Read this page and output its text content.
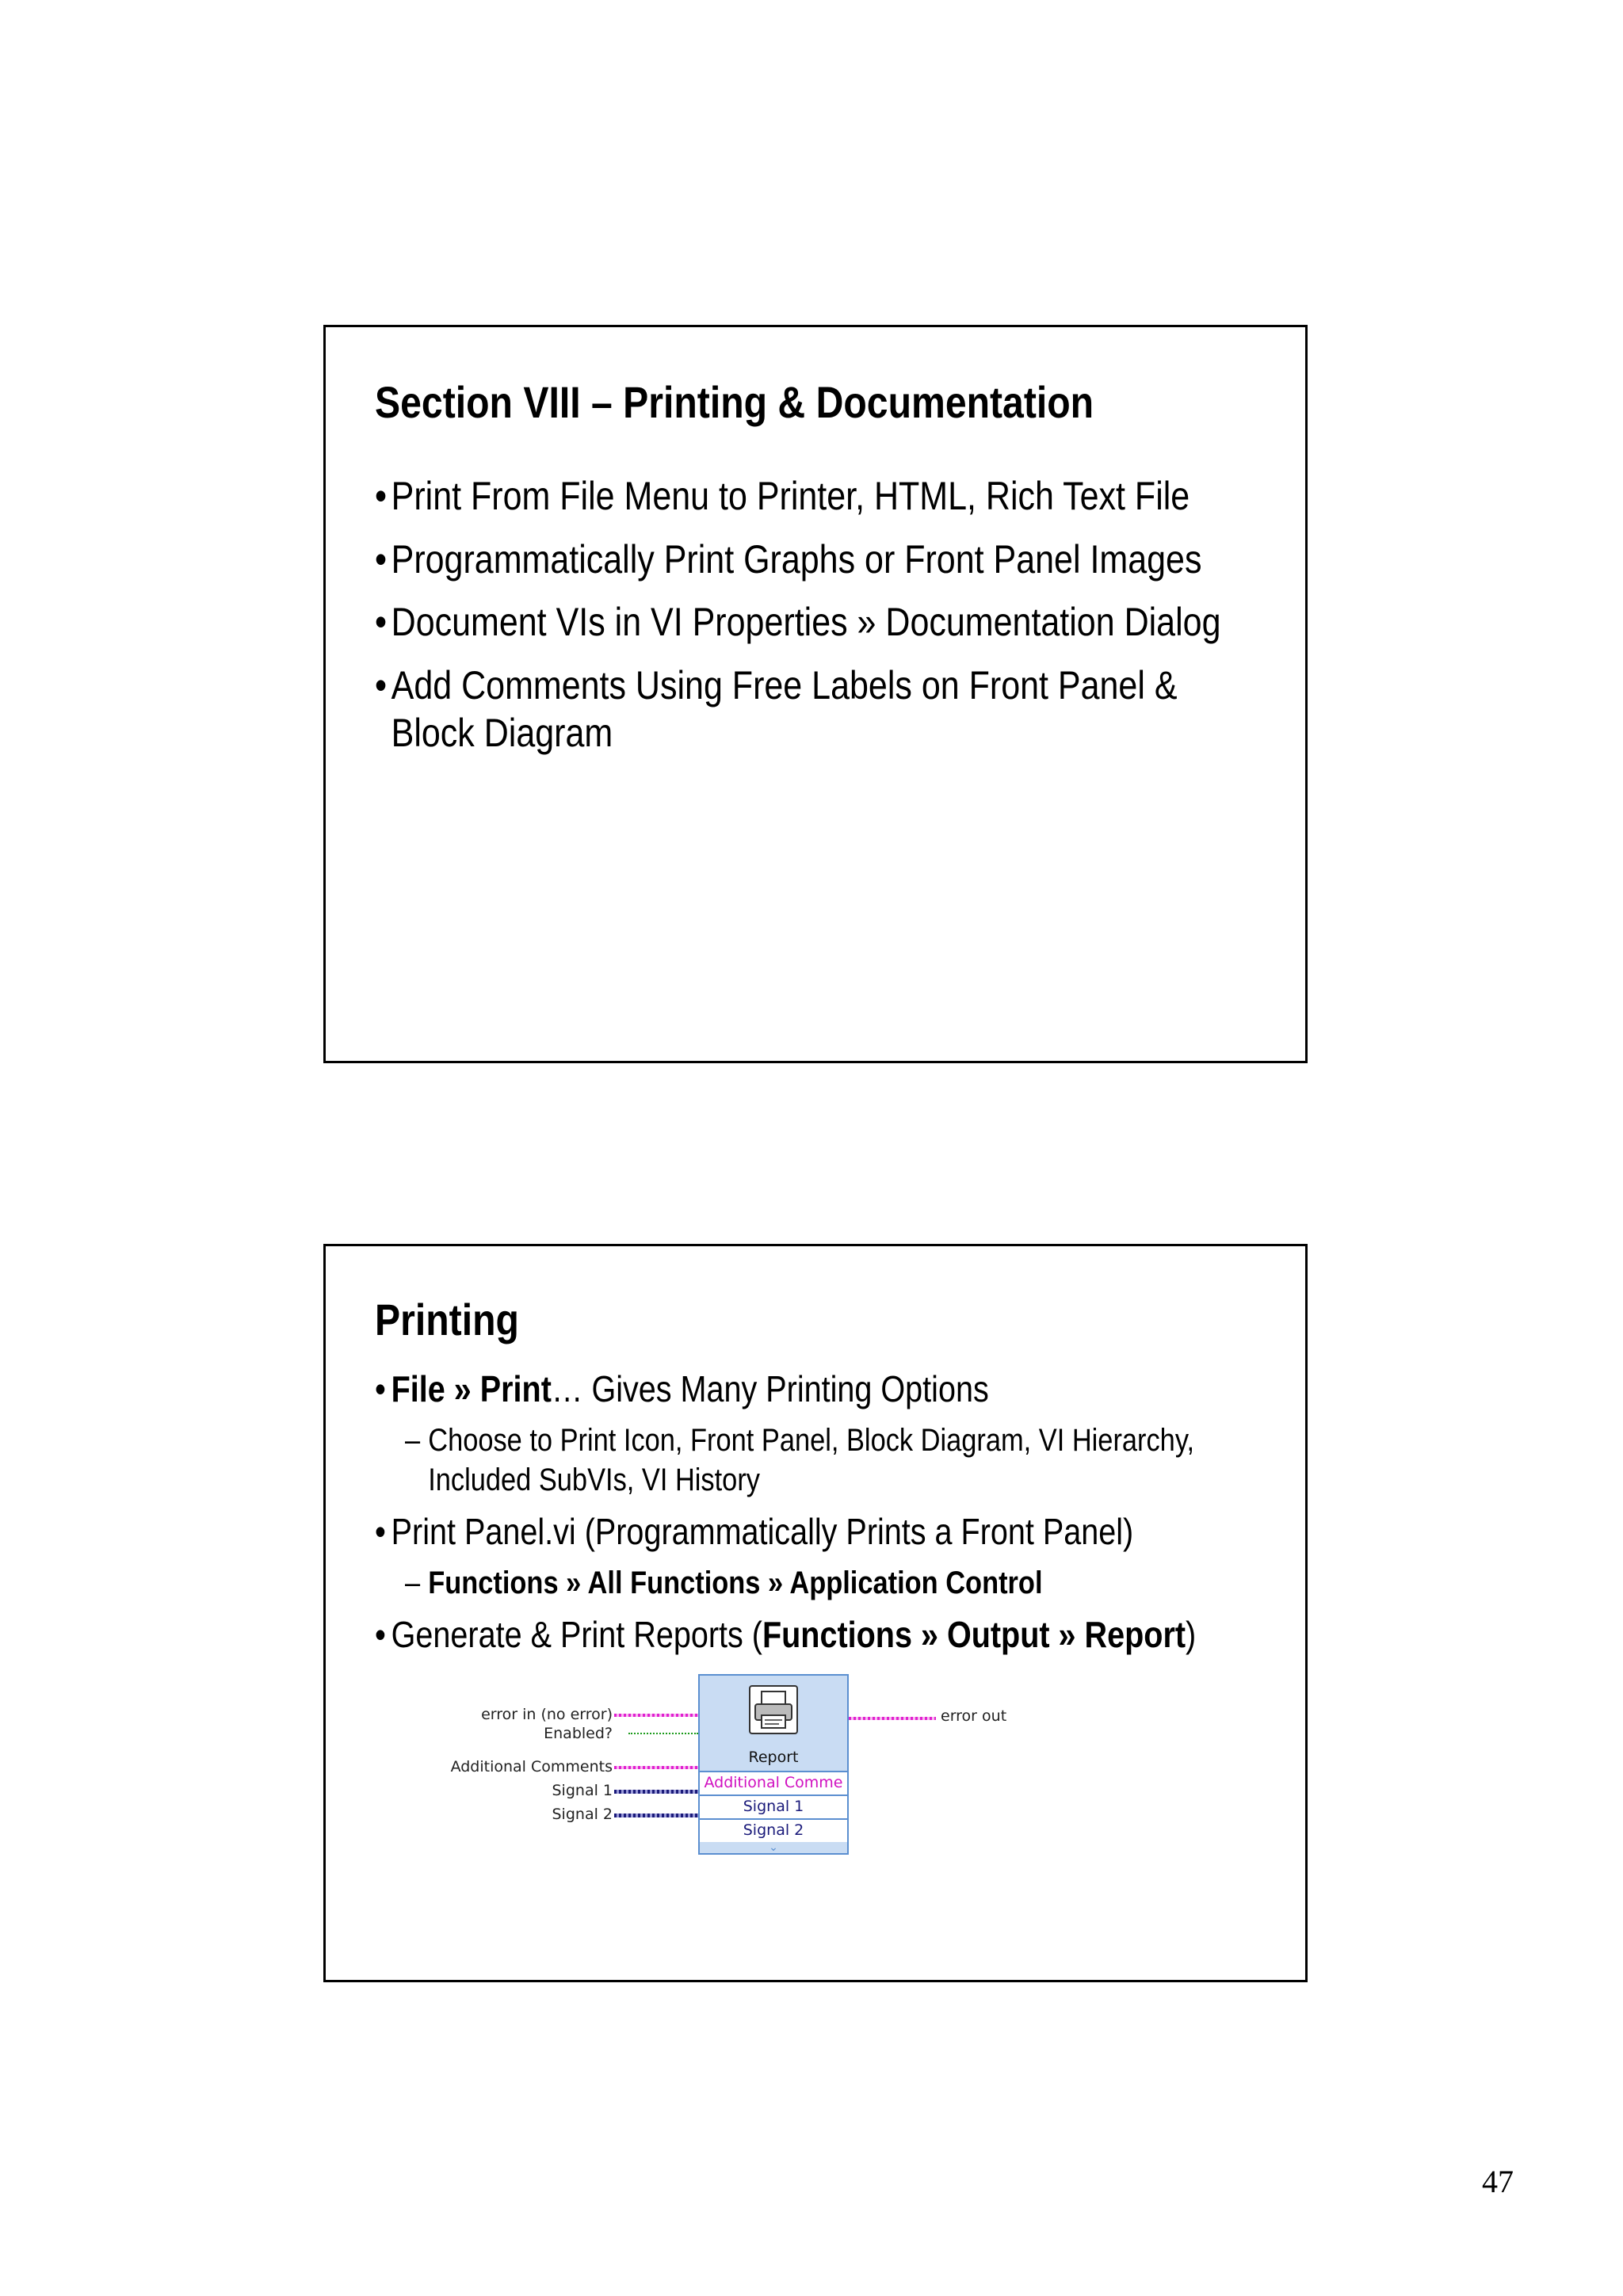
Section VIII – Printing & Documentation
• Print From File Menu to Printer, HTML, Rich Text File
• Programmatically Print Graphs or Front Panel Images
• Document VIs in VI Properties » Documentation Dialog
• Add Comments Using Free Labels on Front Panel &
Block Diagram
Printing
• File » Print… Gives Many Printing Options
– Choose to Print Icon, Front Panel, Block Diagram, VI Hierarchy,
Included SubVIs, VI History
• Print Panel.vi (Programmatically Prints a Front Panel)
– Functions » All Functions » Application Control
• Generate & Print Reports (Functions » Output » Report)
error in (no error)
Enabled?
Additional Comments
Signal 1
Signal 2
Report
Additional Comme
Signal 1
Signal 2
⌄
error out
47
